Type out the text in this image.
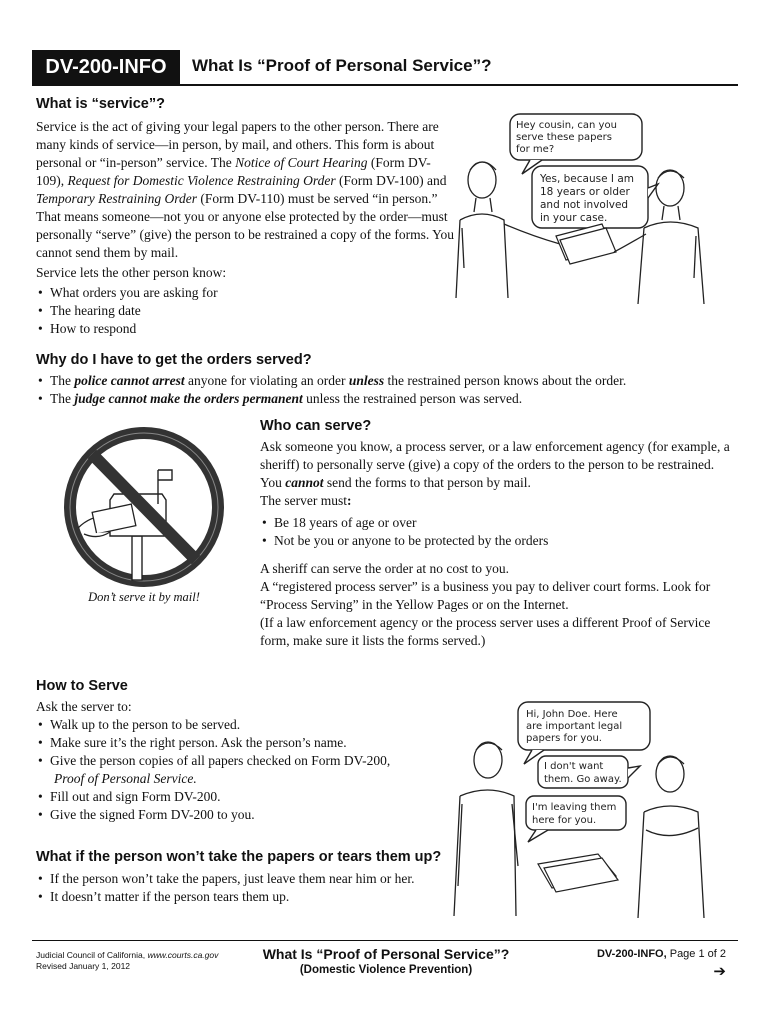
DV-200-INFO	What Is “Proof of Personal Service”?
What is “service”?

Service is the act of giving your legal papers to the other person. There are many kinds of service—in person, by mail, and others. This form is about personal or “in-person” service. The Notice of Court Hearing (Form DV-109), Request for Domestic Violence Restraining Order (Form DV-100) and Temporary Restraining Order (Form DV-110) must be served “in person.” That means someone—not you or anyone else protected by the order—must personally “serve” (give) the person to be restrained a copy of the forms. You cannot send them by mail.

Service lets the other person know:

• What orders you are asking for
• The hearing date
• How to respond
Hey cousin, can you
serve these papers
for me?
Yes, because I am
18 years or older
and not involved
in your case.
Why do I have to get the orders served?
• The police cannot arrest anyone for violating an order unless the restrained person knows about the order.
• The judge cannot make the orders permanent unless the restrained person was served.
Don’t serve it by mail!
Who can serve?

Ask someone you know, a process server, or a law enforcement agency (for example, a sheriff) to personally serve (give) a copy of the orders to the person to be restrained. You cannot send the forms to that person by mail.

The server must:

• Be 18 years of age or over
• Not be you or anyone to be protected by the orders

A sheriff can serve the order at no cost to you.

A “registered process server” is a business you pay to deliver court forms. Look for “Process Serving” in the Yellow Pages or on the Internet.

(If a law enforcement agency or the process server uses a different Proof of Service form, make sure it lists the forms served.)

How to Serve

Ask the server to:

• Walk up to the person to be served.
• Make sure it’s the right person. Ask the person’s name.
• Give the person copies of all papers checked on Form DV-200,
Proof of Personal Service.
• Fill out and sign Form DV-200.
• Give the signed Form DV-200 to you.
Hi, John Doe. Here
are important legal
papers for you.
I don't want
them. Go away.
I'm leaving them
here for you.
What if the person won’t take the papers or tears them up?
• If the person won’t take the papers, just leave them near him or her.
• It doesn’t matter if the person tears them up.
Judicial Council of California, www.courts.ca.gov
Revised January 1, 2012
What Is “Proof of Personal Service”?
(Domestic Violence Prevention)
DV-200-INFO, Page 1 of 2
➔
